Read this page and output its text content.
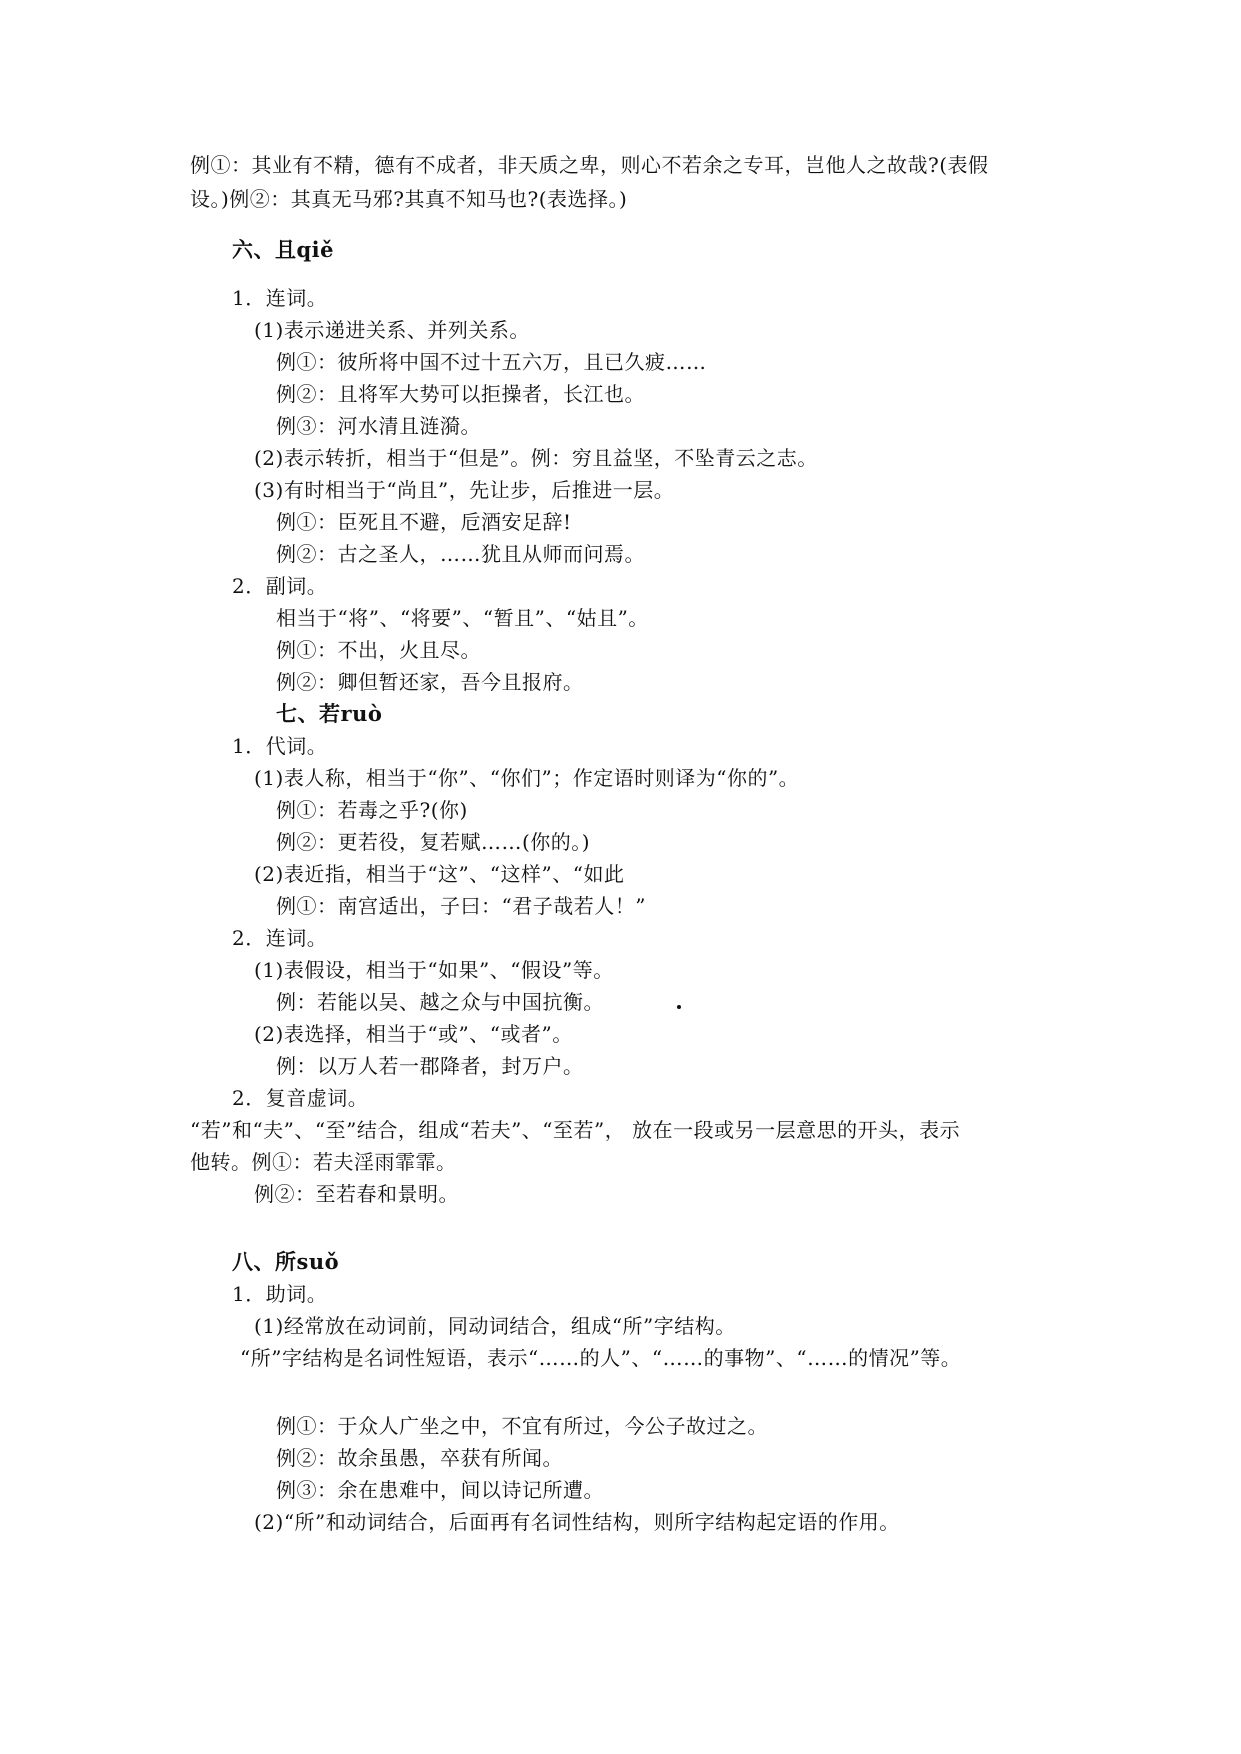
例①：其业有不精，德有不成者，非天质之卑，则心不若余之专耳，岂他人之故哉?(表假
设。)例②：其真无马邪?其真不知马也?(表选择。)
六、且qiě
1．连词。
(1)表示递进关系、并列关系。
例①：彼所将中国不过十五六万，且已久疲……
例②：且将军大势可以拒操者，长江也。
例③：河水清且涟漪。
(2)表示转折，相当于“但是”。例：穷且益坚，不坠青云之志。
(3)有时相当于“尚且”，先让步，后推进一层。
例①：臣死且不避，卮酒安足辞!
例②：古之圣人，……犹且从师而问焉。
2．副词。
相当于“将”、“将要”、“暂且”、“姑且”。
例①：不出，火且尽。
例②：卿但暂还家，吾今且报府。
七、若ruò
1．代词。
(1)表人称，相当于“你”、“你们”；作定语时则译为“你的”。
例①：若毒之乎?(你)
例②：更若役，复若赋……(你的。)
(2)表近指，相当于“这”、“这样”、“如此
例①：南宫适出，子曰：“君子哉若人！”
2．连词。
(1)表假设，相当于“如果”、“假设”等。
例：若能以吴、越之众与中国抗衡。
(2)表选择，相当于“或”、“或者”。
例：以万人若一郡降者，封万户。
2．复音虚词。
“若”和“夫”、“至”结合，组成“若夫”、“至若”， 放在一段或另一层意思的开头，表示
他转。例①：若夫淫雨霏霏。
例②：至若春和景明。
八、所suǒ
1．助词。
(1)经常放在动词前，同动词结合，组成“所”字结构。
“所”字结构是名词性短语，表示“……的人”、“……的事物”、“……的情况”等。
例①：于众人广坐之中，不宜有所过，今公子故过之。
例②：故余虽愚，卒获有所闻。
例③：余在患难中，间以诗记所遭。
(2)“所”和动词结合，后面再有名词性结构，则所字结构起定语的作用。
